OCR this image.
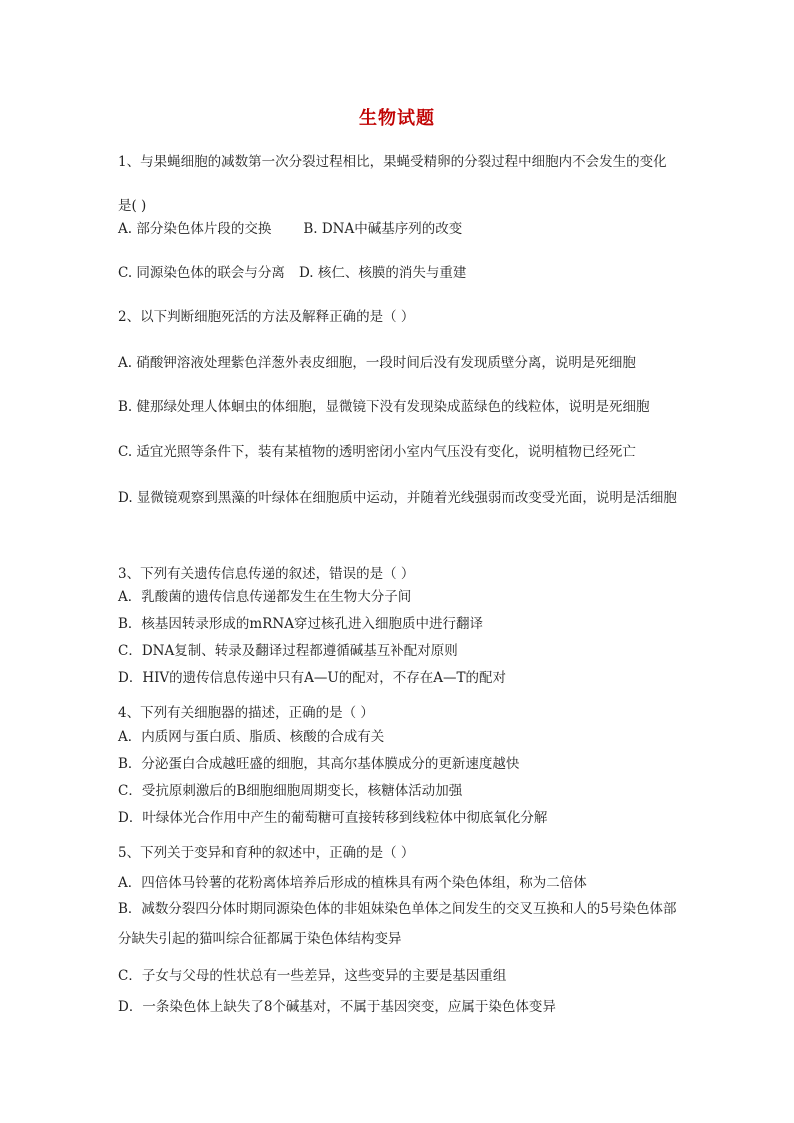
生物试题
1、与果蝇细胞的减数第一次分裂过程相比，果蝇受精卵的分裂过程中细胞内不会发生的变化是( )
A. 部分染色体片段的交换 B. DNA中碱基序列的改变
C. 同源染色体的联会与分离 D. 核仁、核膜的消失与重建
2、以下判断细胞死活的方法及解释正确的是（ ）
A. 硝酸钾溶液处理紫色洋葱外表皮细胞，一段时间后没有发现质壁分离，说明是死细胞
B. 健那绿处理人体蛔虫的体细胞，显微镜下没有发现染成蓝绿色的线粒体，说明是死细胞
C. 适宜光照等条件下，装有某植物的透明密闭小室内气压没有变化，说明植物已经死亡
D. 显微镜观察到黑藻的叶绿体在细胞质中运动，并随着光线强弱而改变受光面，说明是活细胞
3、下列有关遗传信息传递的叙述，错误的是（ ）
A．乳酸菌的遗传信息传递都发生在生物大分子间
B．核基因转录形成的mRNA穿过核孔进入细胞质中进行翻译
C．DNA复制、转录及翻译过程都遵循碱基互补配对原则
D．HIV的遗传信息传递中只有A—U的配对，不存在A—T的配对
4、下列有关细胞器的描述，正确的是（ ）
A．内质网与蛋白质、脂质、核酸的合成有关
B．分泌蛋白合成越旺盛的细胞，其高尔基体膜成分的更新速度越快
C．受抗原刺激后的B细胞细胞周期变长，核糖体活动加强
D．叶绿体光合作用中产生的葡萄糖可直接转移到线粒体中彻底氧化分解
5、下列关于变异和育种的叙述中，正确的是（ ）
A．四倍体马铃薯的花粉离体培养后形成的植株具有两个染色体组，称为二倍体
B．减数分裂四分体时期同源染色体的非姐妹染色单体之间发生的交叉互换和人的5号染色体部分缺失引起的猫叫综合征都属于染色体结构变异
C．子女与父母的性状总有一些差异，这些变异的主要是基因重组
D．一条染色体上缺失了8个碱基对，不属于基因突变，应属于染色体变异
